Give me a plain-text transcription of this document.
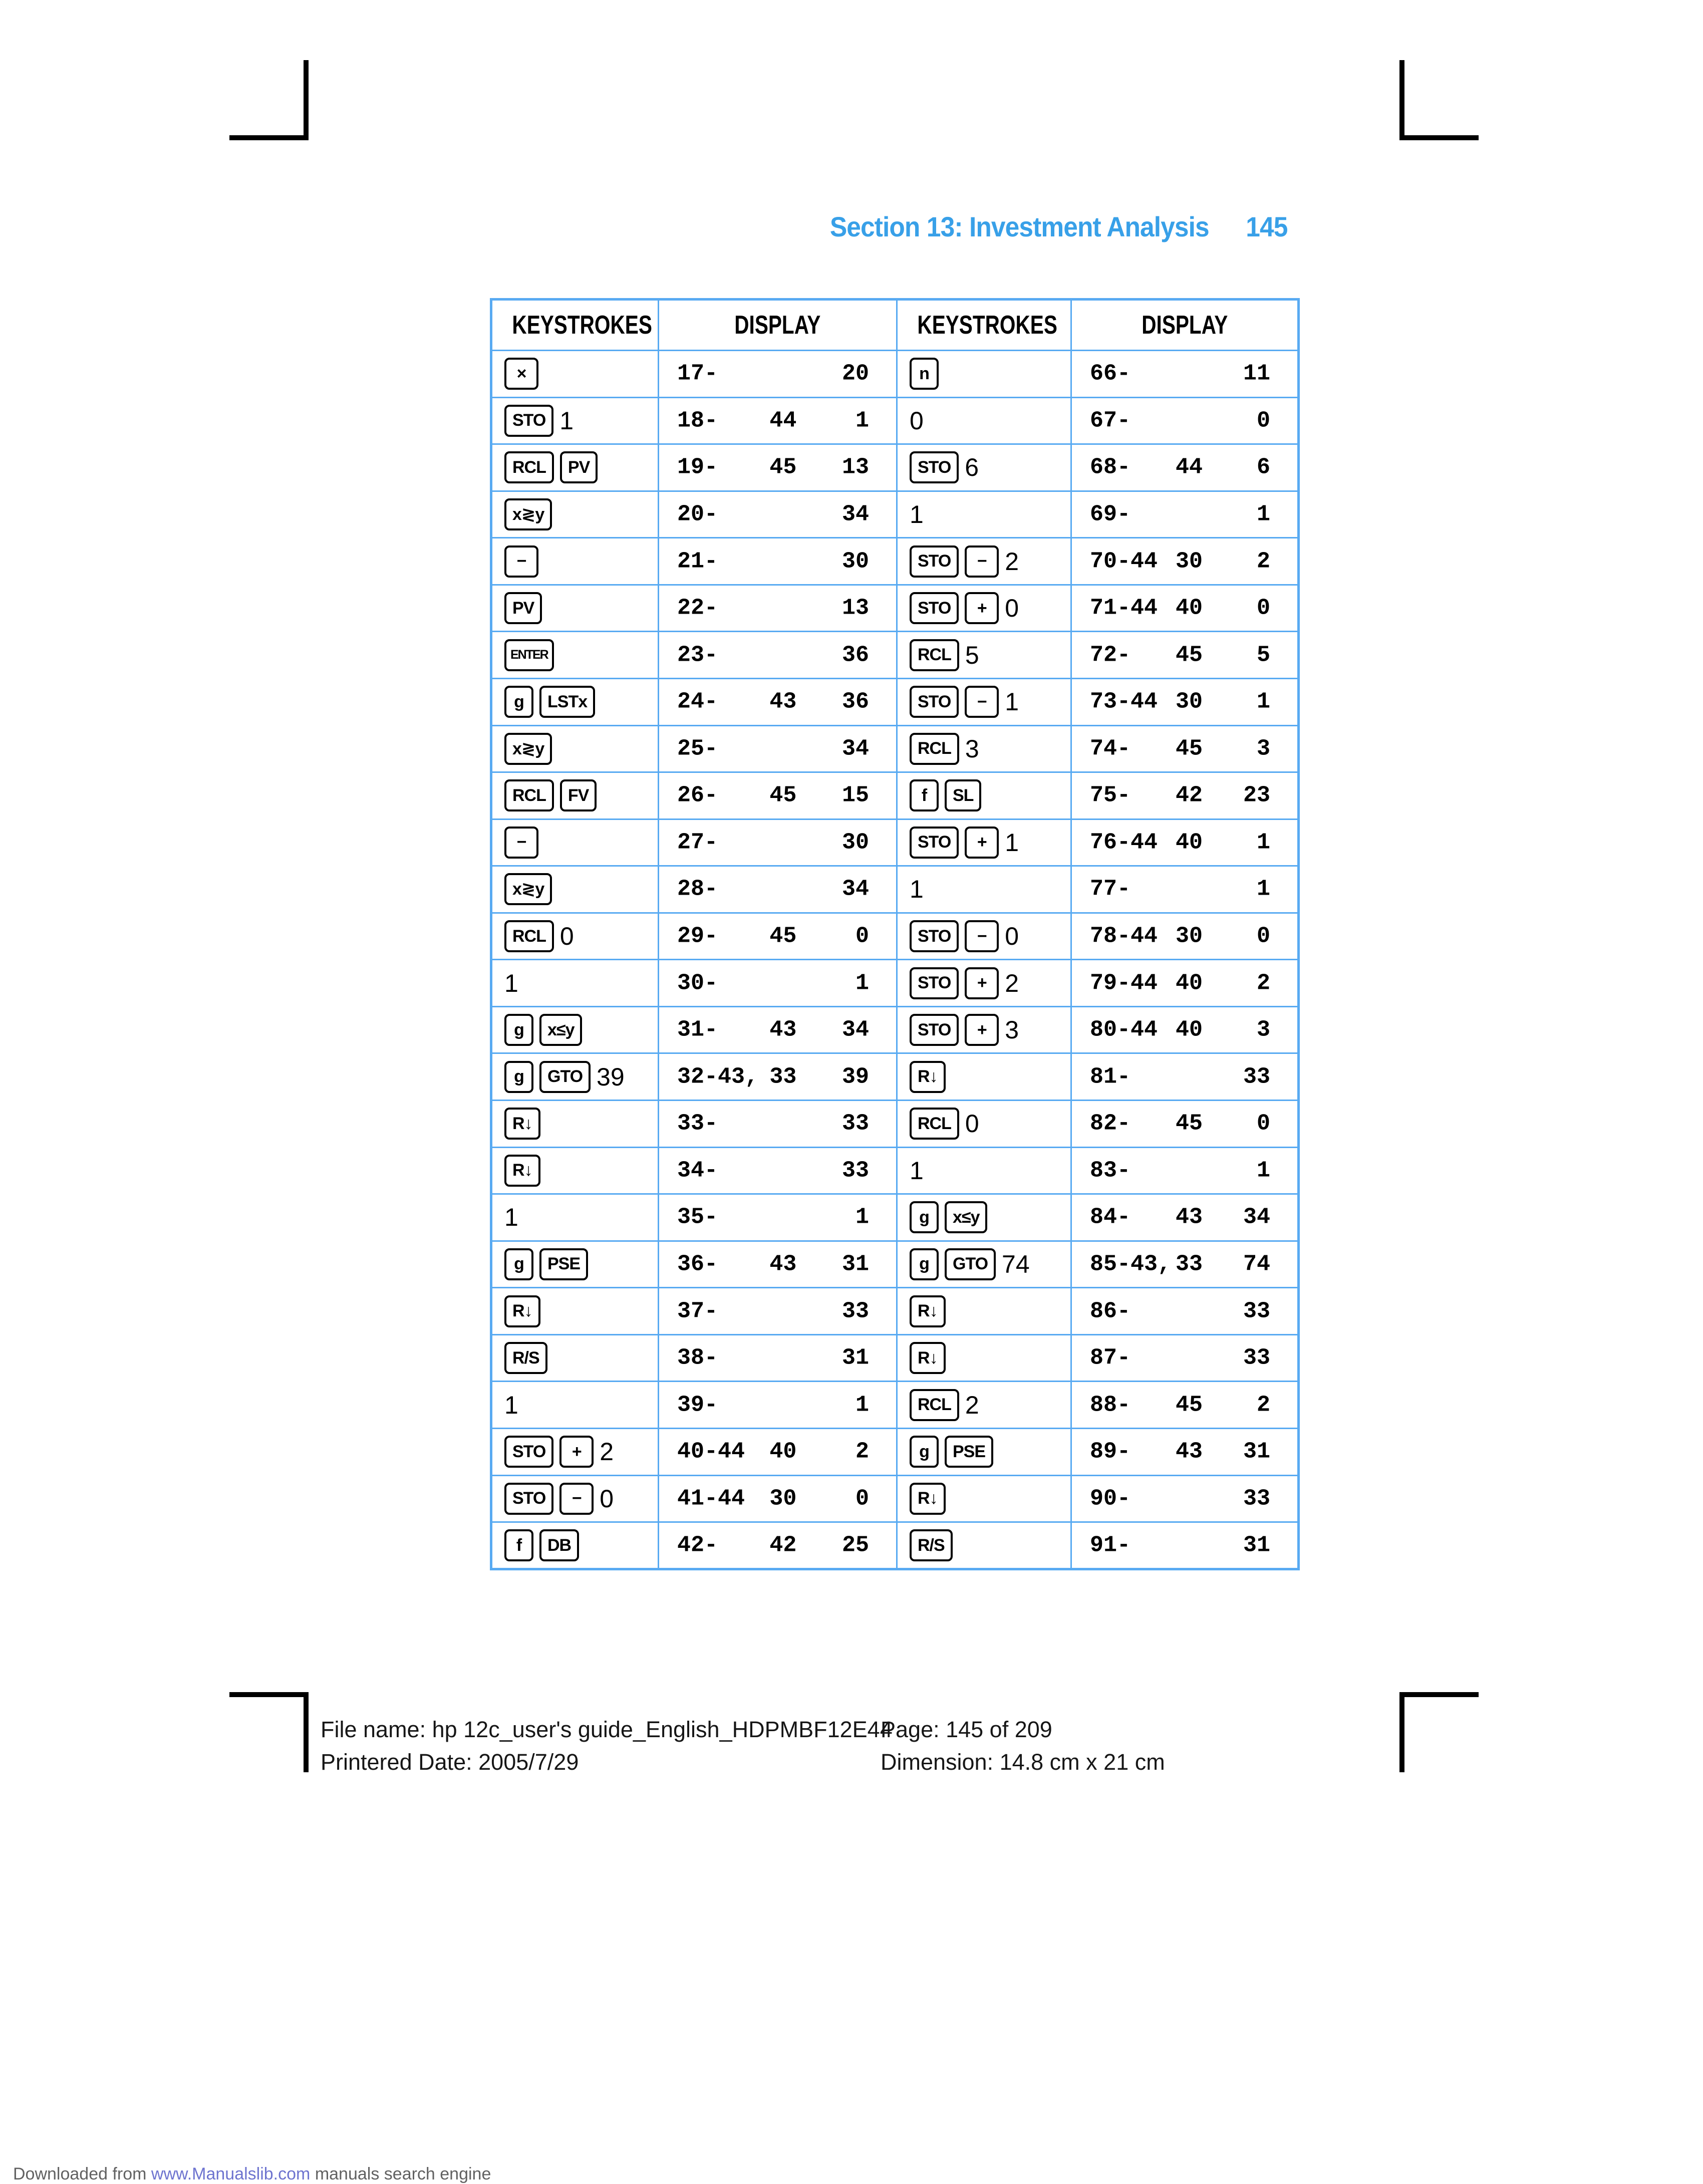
Section 13: Investment Analysis 145
KEYSTROKES	DISPLAY	KEYSTROKES	DISPLAY
×	17- 20	n	66- 11

STO 1	18- 44 1	0	67- 0

RCL PV	19- 45 13	STO 6	68- 44 6

x≷y	20- 34	1	69- 1

−	21- 30	STO − 2	70-44 30 2

PV	22- 13	STO + 0	71-44 40 0

ENTER	23- 36	RCL 5	72- 45 5

g LSTx	24- 43 36	STO − 1	73-44 30 1

x≷y	25- 34	RCL 3	74- 45 3

RCL FV	26- 45 15	f SL	75- 42 23

−	27- 30	STO + 1	76-44 40 1

x≷y	28- 34	1	77- 1

RCL 0	29- 45 0	STO − 0	78-44 30 0

1	30- 1	STO + 2	79-44 40 2

g x≤y	31- 43 34	STO + 3	80-44 40 3

g GTO 39	32-43, 33 39	R↓	81- 33

R↓	33- 33	RCL 0	82- 45 0

R↓	34- 33	1	83- 1

1	35- 1	g x≤y	84- 43 34

g PSE	36- 43 31	g GTO 74	85-43, 33 74

R↓	37- 33	R↓	86- 33

R/S	38- 31	R↓	87- 33

1	39- 1	RCL 2	88- 45 2

STO + 2	40-44 40 2	g PSE	89- 43 31

STO − 0	41-44 30 0	R↓	90- 33

f DB	42- 42 25	R/S	91- 31
File name: hp 12c_user's guide_English_HDPMBF12E44
Printered Date: 2005/7/29
Page: 145 of 209
Dimension: 14.8 cm x 21 cm
Downloaded from www.Manualslib.com manuals search engine
